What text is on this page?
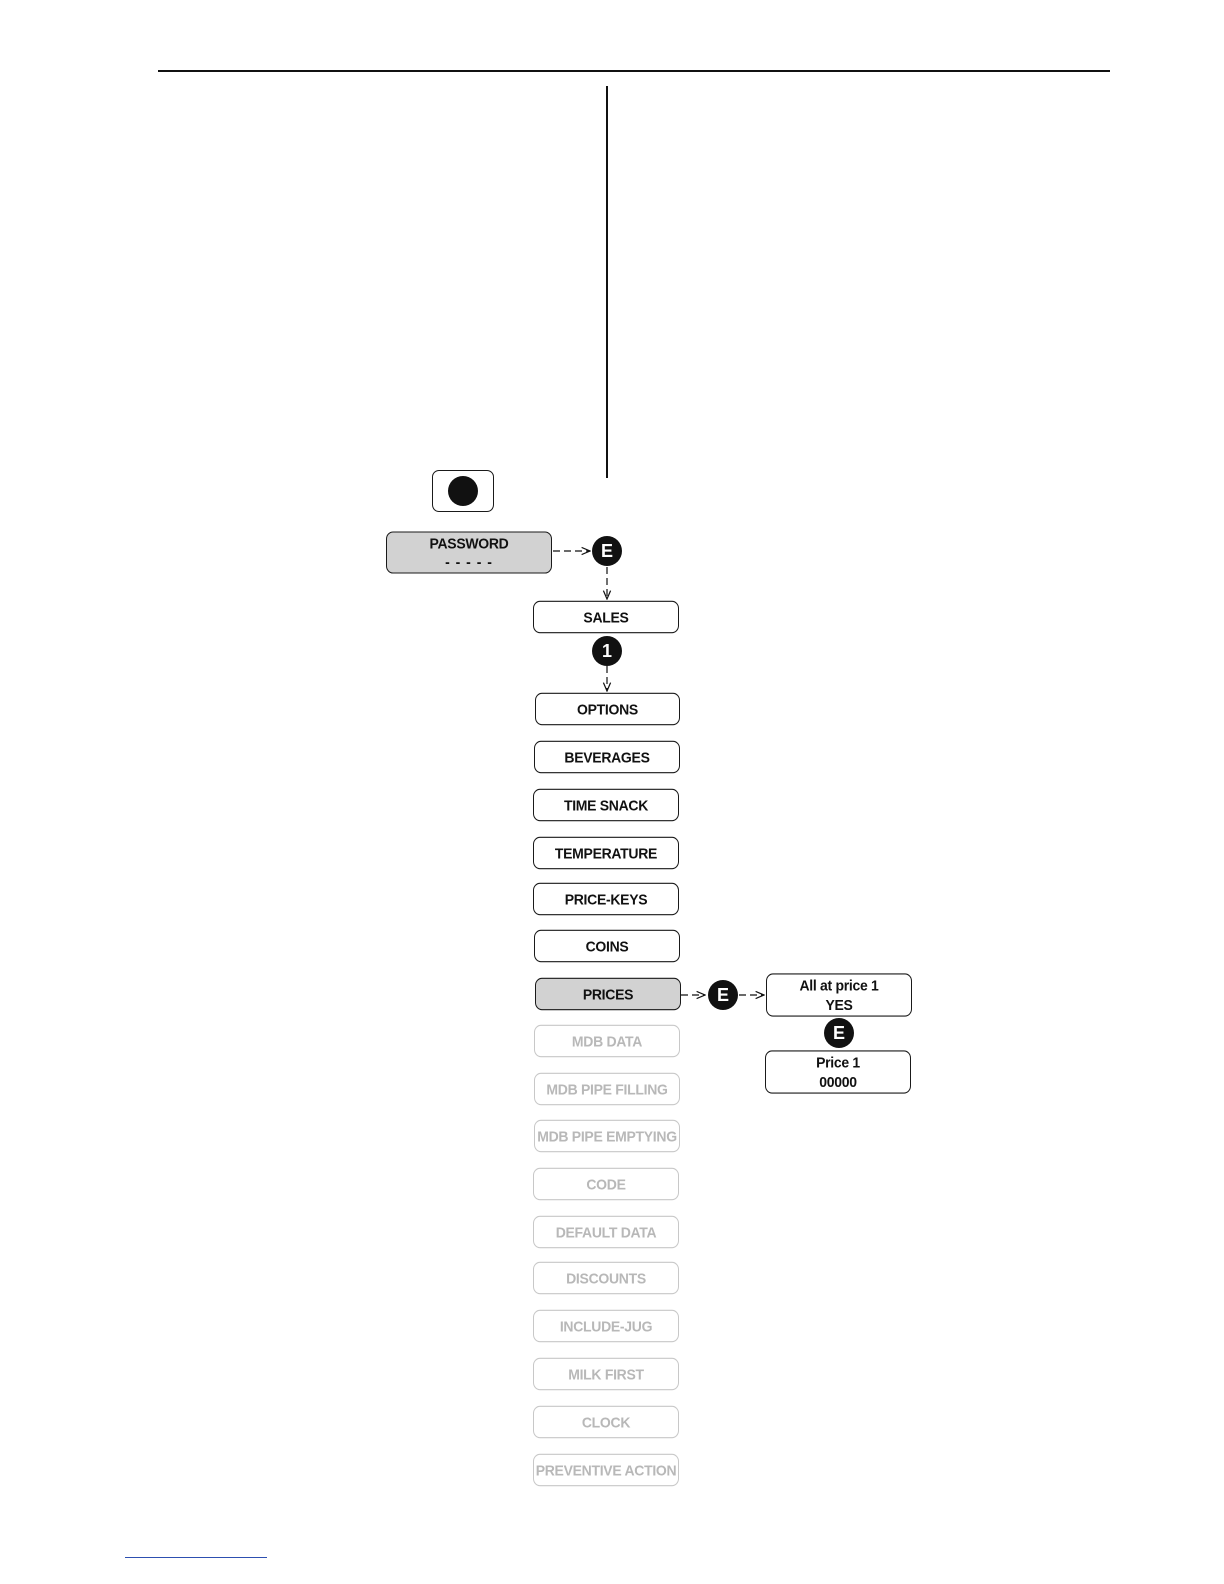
PASSWORD
- - - - -
E
SALES
1
OPTIONS
BEVERAGES
TIME SNACK
TEMPERATURE
PRICE-KEYS
COINS
PRICES	E	All at price 1
YES
E
Price 1
00000
MDB DATA
MDB PIPE FILLING
MDB PIPE EMPTYING
CODE
DEFAULT DATA
DISCOUNTS
INCLUDE-JUG
MILK FIRST
CLOCK
PREVENTIVE ACTION
